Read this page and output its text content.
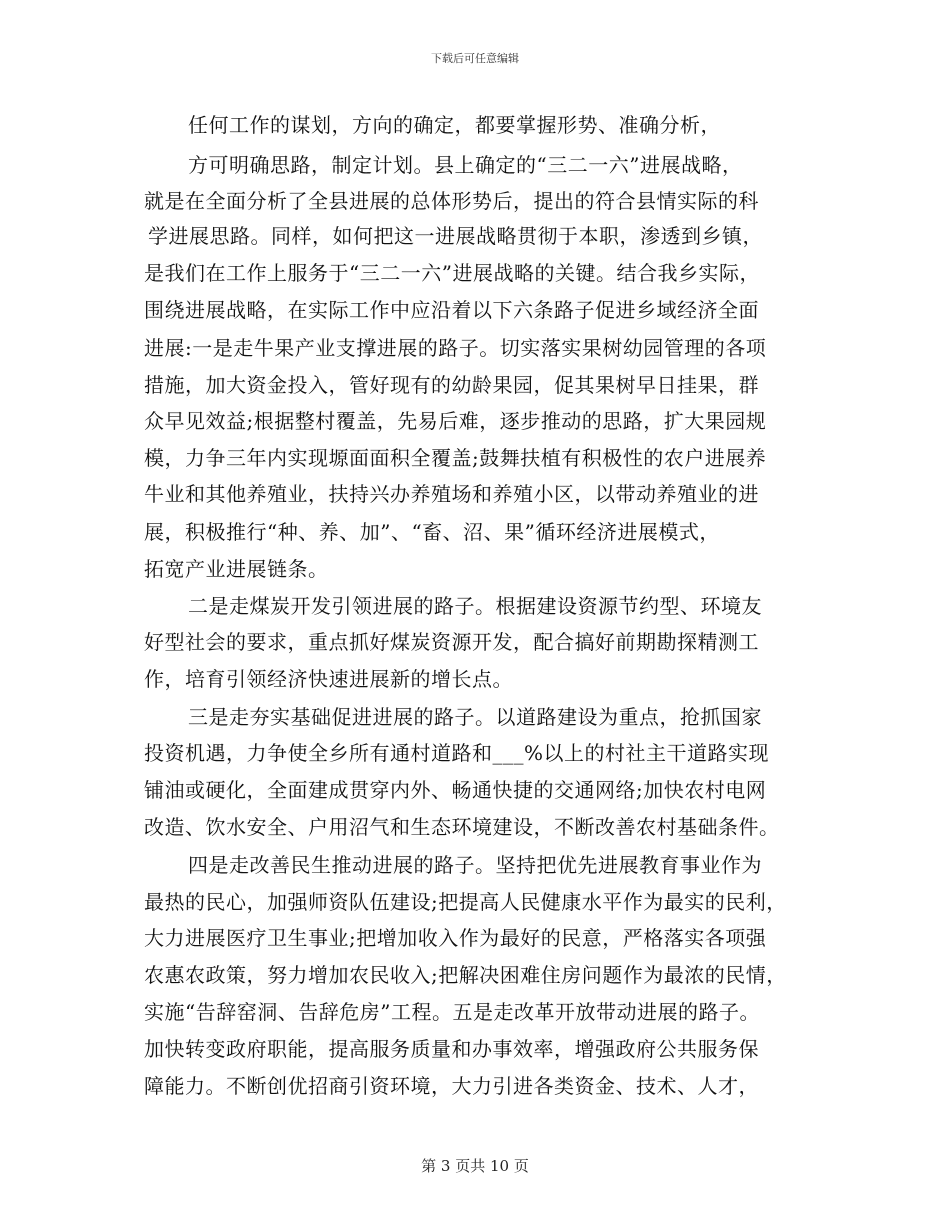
下载后可任意编辑
任何工作的谋划，方向的确定，都要掌握形势、准确分析，
方可明确思路，制定计划。县上确定的“三二一六”进展战略，
就是在全面分析了全县进展的总体形势后，提出的符合县情实际的科
学进展思路。同样，如何把这一进展战略贯彻于本职，渗透到乡镇，
是我们在工作上服务于“三二一六”进展战略的关键。结合我乡实际，
围绕进展战略，在实际工作中应沿着以下六条路子促进乡域经济全面
进展:一是走牛果产业支撑进展的路子。切实落实果树幼园管理的各项
措施，加大资金投入，管好现有的幼龄果园，促其果树早日挂果，群
众早见效益;根据整村覆盖，先易后难，逐步推动的思路，扩大果园规
模，力争三年内实现塬面面积全覆盖;鼓舞扶植有积极性的农户进展养
牛业和其他养殖业，扶持兴办养殖场和养殖小区，以带动养殖业的进
展，积极推行“种、养、加”、“畜、沼、果”循环经济进展模式，
拓宽产业进展链条。
二是走煤炭开发引领进展的路子。根据建设资源节约型、环境友
好型社会的要求，重点抓好煤炭资源开发，配合搞好前期勘探精测工
作，培育引领经济快速进展新的增长点。
三是走夯实基础促进进展的路子。以道路建设为重点，抢抓国家
投资机遇，力争使全乡所有通村道路和___%以上的村社主干道路实现
铺油或硬化，全面建成贯穿内外、畅通快捷的交通网络;加快农村电网
改造、饮水安全、户用沼气和生态环境建设，不断改善农村基础条件。
四是走改善民生推动进展的路子。坚持把优先进展教育事业作为
最热的民心，加强师资队伍建设;把提高人民健康水平作为最实的民利，
大力进展医疗卫生事业;把增加收入作为最好的民意，严格落实各项强
农惠农政策，努力增加农民收入;把解决困难住房问题作为最浓的民情，
实施“告辞窑洞、告辞危房”工程。五是走改革开放带动进展的路子。
加快转变政府职能，提高服务质量和办事效率，增强政府公共服务保
障能力。不断创优招商引资环境，大力引进各类资金、技术、人才，
第 3 页共 10 页
